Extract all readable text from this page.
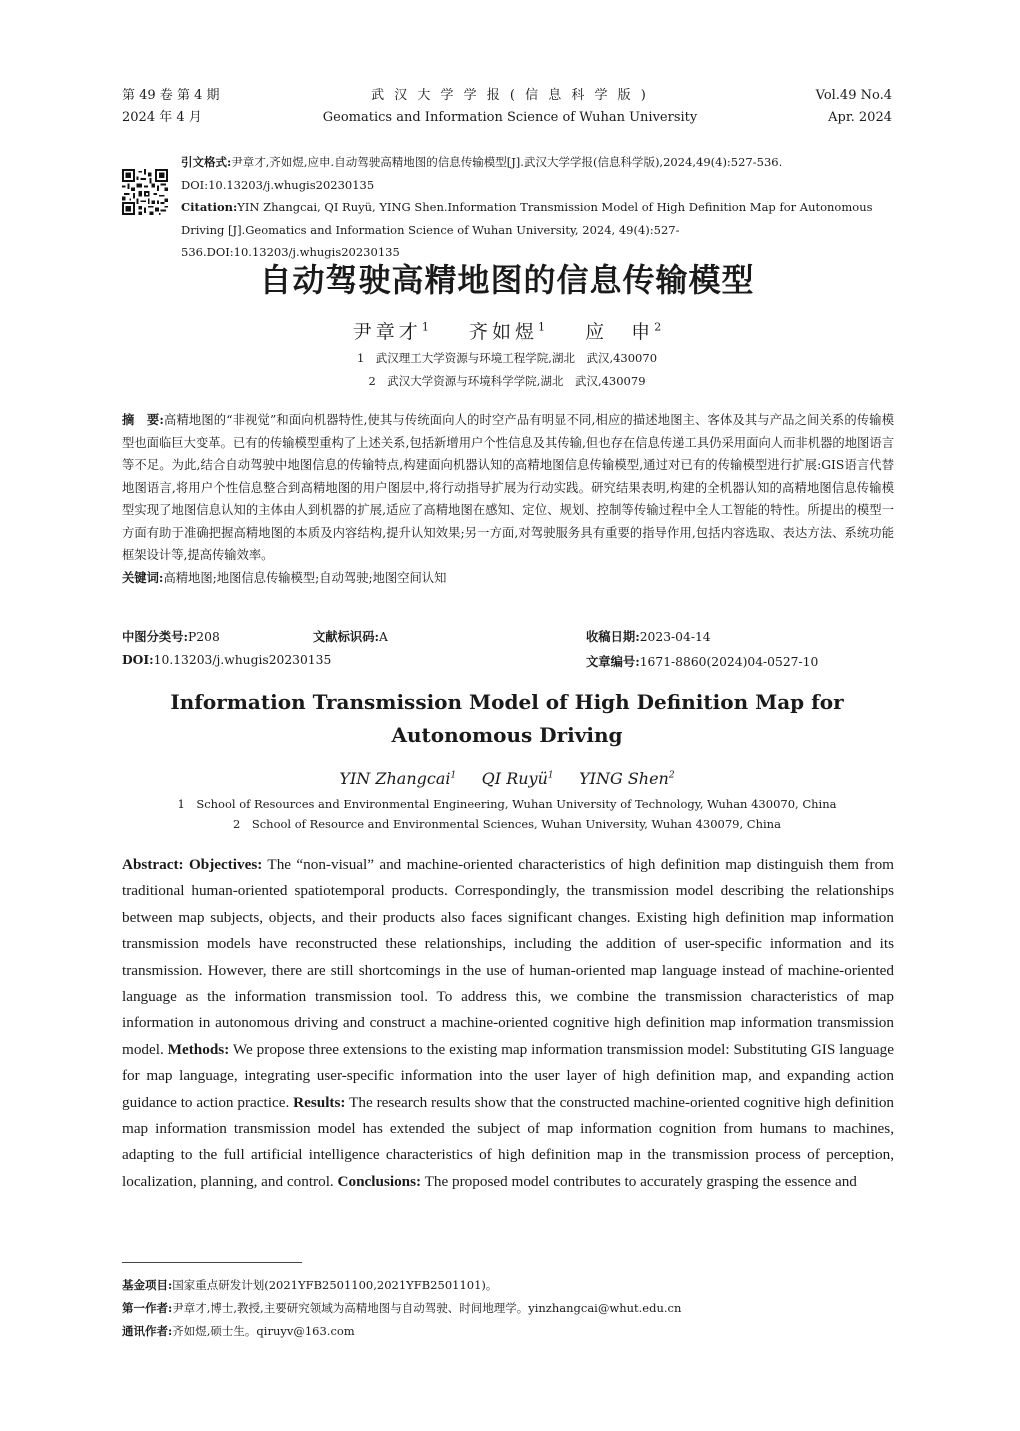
第 49 卷 第 4 期
2024 年 4 月
武 汉 大 学 学 报 ( 信 息 科 学 版 )
Geomatics and Information Science of Wuhan University
Vol.49 No.4
Apr. 2024
引文格式:尹章才,齐如煜,应申.自动驾驶高精地图的信息传输模型[J].武汉大学学报(信息科学版),2024,49(4):527-536. DOI:10.13203/j.whugis20230135
Citation:YIN Zhangcai, QI Ruyü, YING Shen.Information Transmission Model of High Definition Map for Autonomous Driving [J].Geomatics and Information Science of Wuhan University, 2024, 49(4):527-536.DOI:10.13203/j.whugis20230135
自动驾驶高精地图的信息传输模型
尹章才$^1$ 齐如煜$^1$ 应　申$^2$
1　武汉理工大学资源与环境工程学院,湖北　武汉,430070
2　武汉大学资源与环境科学学院,湖北　武汉,430079
摘　要:高精地图的“非视觉”和面向机器特性,使其与传统面向人的时空产品有明显不同,相应的描述地图主、客体及其与产品之间关系的传输模型也面临巨大变革。已有的传输模型重构了上述关系,包括新增用户个性信息及其传输,但也存在信息传递工具仍采用面向人而非机器的地图语言等不足。为此,结合自动驾驶中地图信息的传输特点,构建面向机器认知的高精地图信息传输模型,通过对已有的传输模型进行扩展:GIS语言代替地图语言,将用户个性信息整合到高精地图的用户图层中,将行动指导扩展为行动实践。研究结果表明,构建的全机器认知的高精地图信息传输模型实现了地图信息认知的主体由人到机器的扩展,适应了高精地图在感知、定位、规划、控制等传输过程中全人工智能的特性。所提出的模型一方面有助于准确把握高精地图的本质及内容结构,提升认知效果;另一方面,对驾驶服务具有重要的指导作用,包括内容选取、表达方法、系统功能框架设计等,提高传输效率。
关键词:高精地图;地图信息传输模型;自动驾驶;地图空间认知
中图分类号:P208	文献标识码:A	收稿日期:2023-04-14
DOI:10.13203/j.whugis20230135	文章编号:1671-8860(2024)04-0527-10
Information Transmission Model of High Definition Map for
Autonomous Driving
YIN Zhangcai$^1$ QI Ruyü$^1$ YING Shen$^2$
1　School of Resources and Environmental Engineering, Wuhan University of Technology, Wuhan 430070, China
2　School of Resource and Environmental Sciences, Wuhan University, Wuhan 430079, China
Abstract: Objectives: The “non-visual” and machine-oriented characteristics of high definition map distinguish them from traditional human-oriented spatiotemporal products. Correspondingly, the transmission model describing the relationships between map subjects, objects, and their products also faces significant changes. Existing high definition map information transmission models have reconstructed these relationships, including the addition of user-specific information and its transmission. However, there are still shortcomings in the use of human-oriented map language instead of machine-oriented language as the information transmission tool. To address this, we combine the transmission characteristics of map information in autonomous driving and construct a machine-oriented cognitive high definition map information transmission model. Methods: We propose three extensions to the existing map information transmission model: Substituting GIS language for map language, integrating user-specific information into the user layer of high definition map, and expanding action guidance to action practice. Results: The research results show that the constructed machine-oriented cognitive high definition map information transmission model has extended the subject of map information cognition from humans to machines, adapting to the full artificial intelligence characteristics of high definition map in the transmission process of perception, localization, planning, and control. Conclusions: The proposed model contributes to accurately grasping the essence and
基金项目:国家重点研发计划(2021YFB2501100,2021YFB2501101)。
第一作者:尹章才,博士,教授,主要研究领域为高精地图与自动驾驶、时间地理学。yinzhangcai@whut.edu.cn
通讯作者:齐如煜,硕士生。qiruyv@163.com
